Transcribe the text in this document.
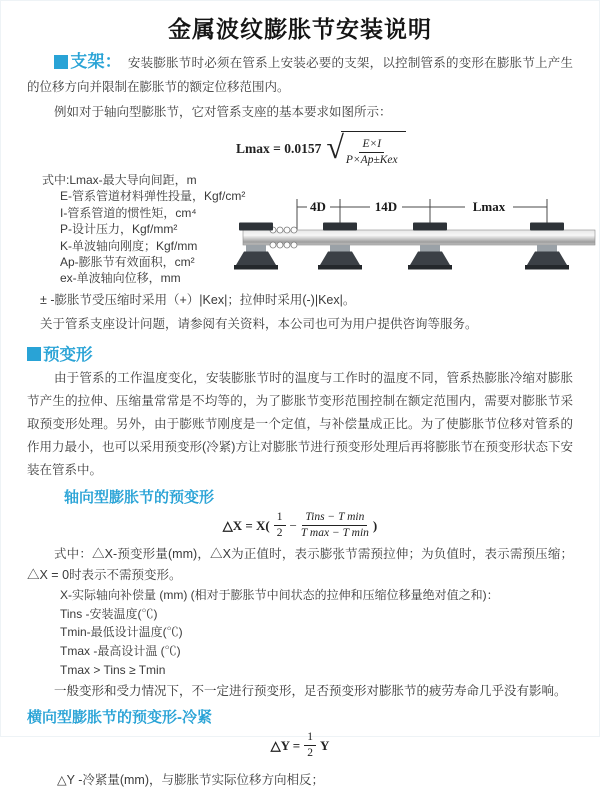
金属波纹膨胀节安装说明

支架： 安装膨胀节时必须在管系上安装必要的支架，以控制管系的变形在膨胀节上产生的位移方向并限制在膨胀节的额定位移范围内。

例如对于轴向型膨胀节，它对管系支座的基本要求如图所示：

Lmax = 0.0157 √ E×I
P×Ap±Kex
式中:Lmax-最大导向间距，m
E-管系管道材料弹性投量，Kgf/cm²
I-管系管道的惯性矩，cm⁴
P-设计压力，Kgf/mm²
K-单波轴向刚度；Kgf/mm
Ap-膨胀节有效面积，cm²
ex-单波轴向位移，mm

± -膨胀节受压缩时采用（+）|Kex|；拉伸时采用(-)|Kex|。

关于管系支座设计问题，请参阅有关资料，本公司也可为用户提供咨询等服务。

4D	14D	Lmax
预变形

由于管系的工作温度变化，安装膨胀节时的温度与工作时的温度不同，管系热膨胀冷缩对膨胀节产生的拉伸、压缩量常常是不均等的，为了膨胀节变形范围控制在额定范围内，需要对膨胀节采取预变形处理。另外，由于膨账节刚度是一个定值，与补偿量成正比。为了使膨胀节位移对管系的作用力最小，也可以采用预变形(冷紧)方让对膨胀节进行预变形处理后再将膨胀节在预变形状态下安装在管系中。

轴向型膨胀节的预变形
△X = $X( \frac{1}{2}$ −
Tins − T min
T max − T min
)

式中：△X-预变形量(mm)，△X为正值时，表示膨张节需预拉伸；为负值时，表示需预压缩；△X = 0时表示不需预变形。

X-实际轴向补偿量 (mm) (相对于膨胀节中间状态的拉伸和压缩位移量绝对值之和)：
Tins -安装温度(℃)
Tmin-最低设计温度(℃)
Tmax -最高设计温 (℃)
Tmax > Tins ≥ Tmin

一般变形和受力情况下，不一定进行预变形，足否预变形对膨胀节的疲劳寿命几乎没有影响。

横向型膨胀节的预变形-冷紧
△Y = $\frac{1}{2}$ Y

△Y -冷紧量(mm)，与膨胀节实际位移方向相反；
